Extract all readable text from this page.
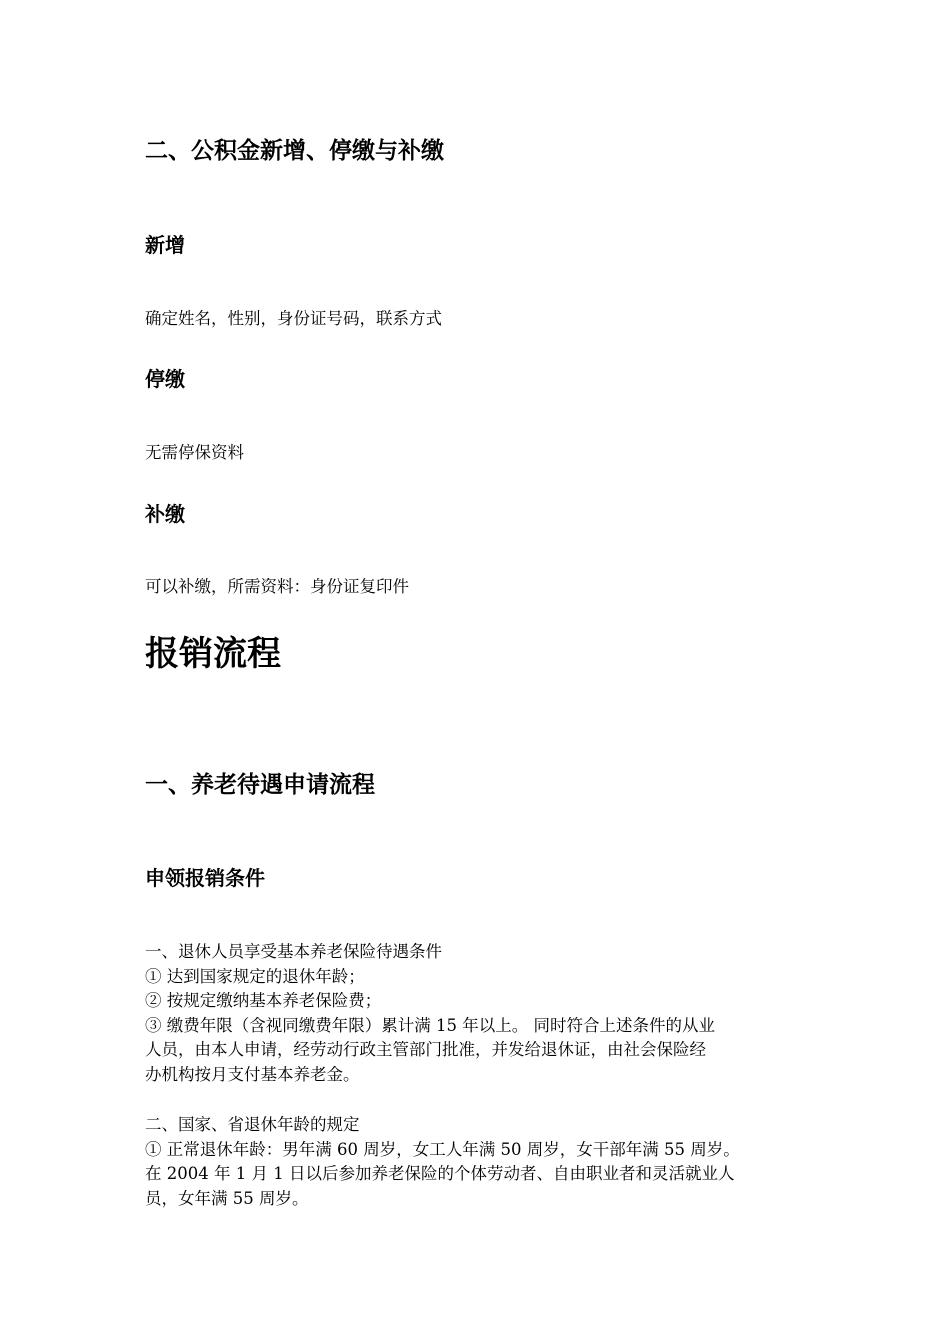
二、公积金新增、停缴与补缴
新增

确定姓名，性别，身份证号码，联系方式

停缴

无需停保资料

补缴

可以补缴，所需资料：身份证复印件

报销流程
一、养老待遇申请流程
申领报销条件
一、退休人员享受基本养老保险待遇条件
① 达到国家规定的退休年龄；
② 按规定缴纳基本养老保险费；
③ 缴费年限（含视同缴费年限）累计满 15 年以上。 同时符合上述条件的从业
人员，由本人申请，经劳动行政主管部门批准，并发给退休证，由社会保险经
办机构按月支付基本养老金。
二、国家、省退休年龄的规定
① 正常退休年龄：男年满 60 周岁，女工人年满 50 周岁，女干部年满 55 周岁。
在 2004 年 1 月 1 日以后参加养老保险的个体劳动者、自由职业者和灵活就业人
员，女年满 55 周岁。
